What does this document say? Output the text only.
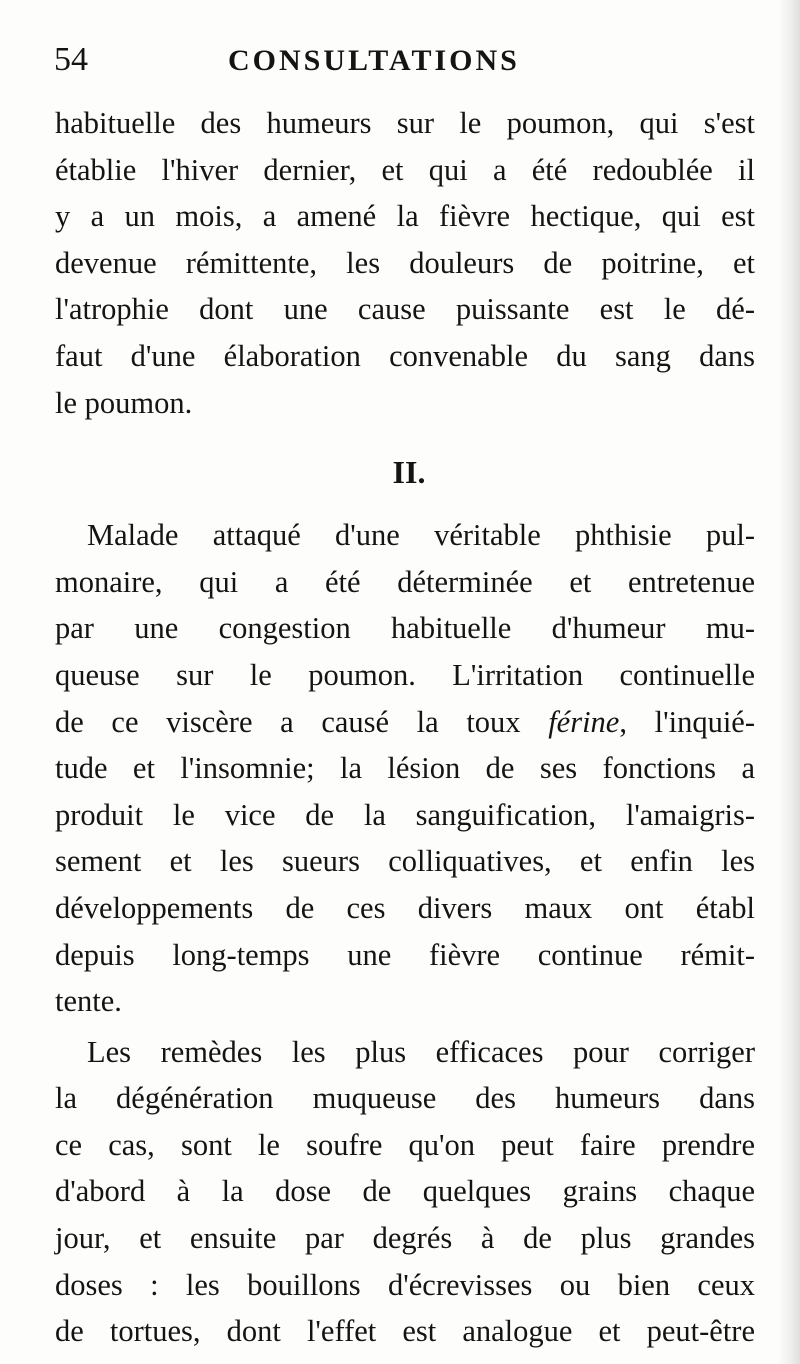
54	CONSULTATIONS
habituelle des humeurs sur le poumon, qui s'est
établie l'hiver dernier, et qui a été redoublée il
y a un mois, a amené la fièvre hectique, qui est
devenue rémittente, les douleurs de poitrine, et
l'atrophie dont une cause puissante est le dé-
faut d'une élaboration convenable du sang dans
le poumon.
II.
Malade attaqué d'une véritable phthisie pul-
monaire, qui a été déterminée et entretenue
par une congestion habituelle d'humeur mu-
queuse sur le poumon. L'irritation continuelle
de ce viscère a causé la toux férine, l'inquié-
tude et l'insomnie; la lésion de ses fonctions a
produit le vice de la sanguification, l'amaigris-
sement et les sueurs colliquatives, et enfin les
développements de ces divers maux ont établ
depuis long-temps une fièvre continue rémit-
tente.
Les remèdes les plus efficaces pour corriger
la dégénération muqueuse des humeurs dans
ce cas, sont le soufre qu'on peut faire prendre
d'abord à la dose de quelques grains chaque
jour, et ensuite par degrés à de plus grandes
doses : les bouillons d'écrevisses ou bien ceux
de tortues, dont l'effet est analogue et peut-être
